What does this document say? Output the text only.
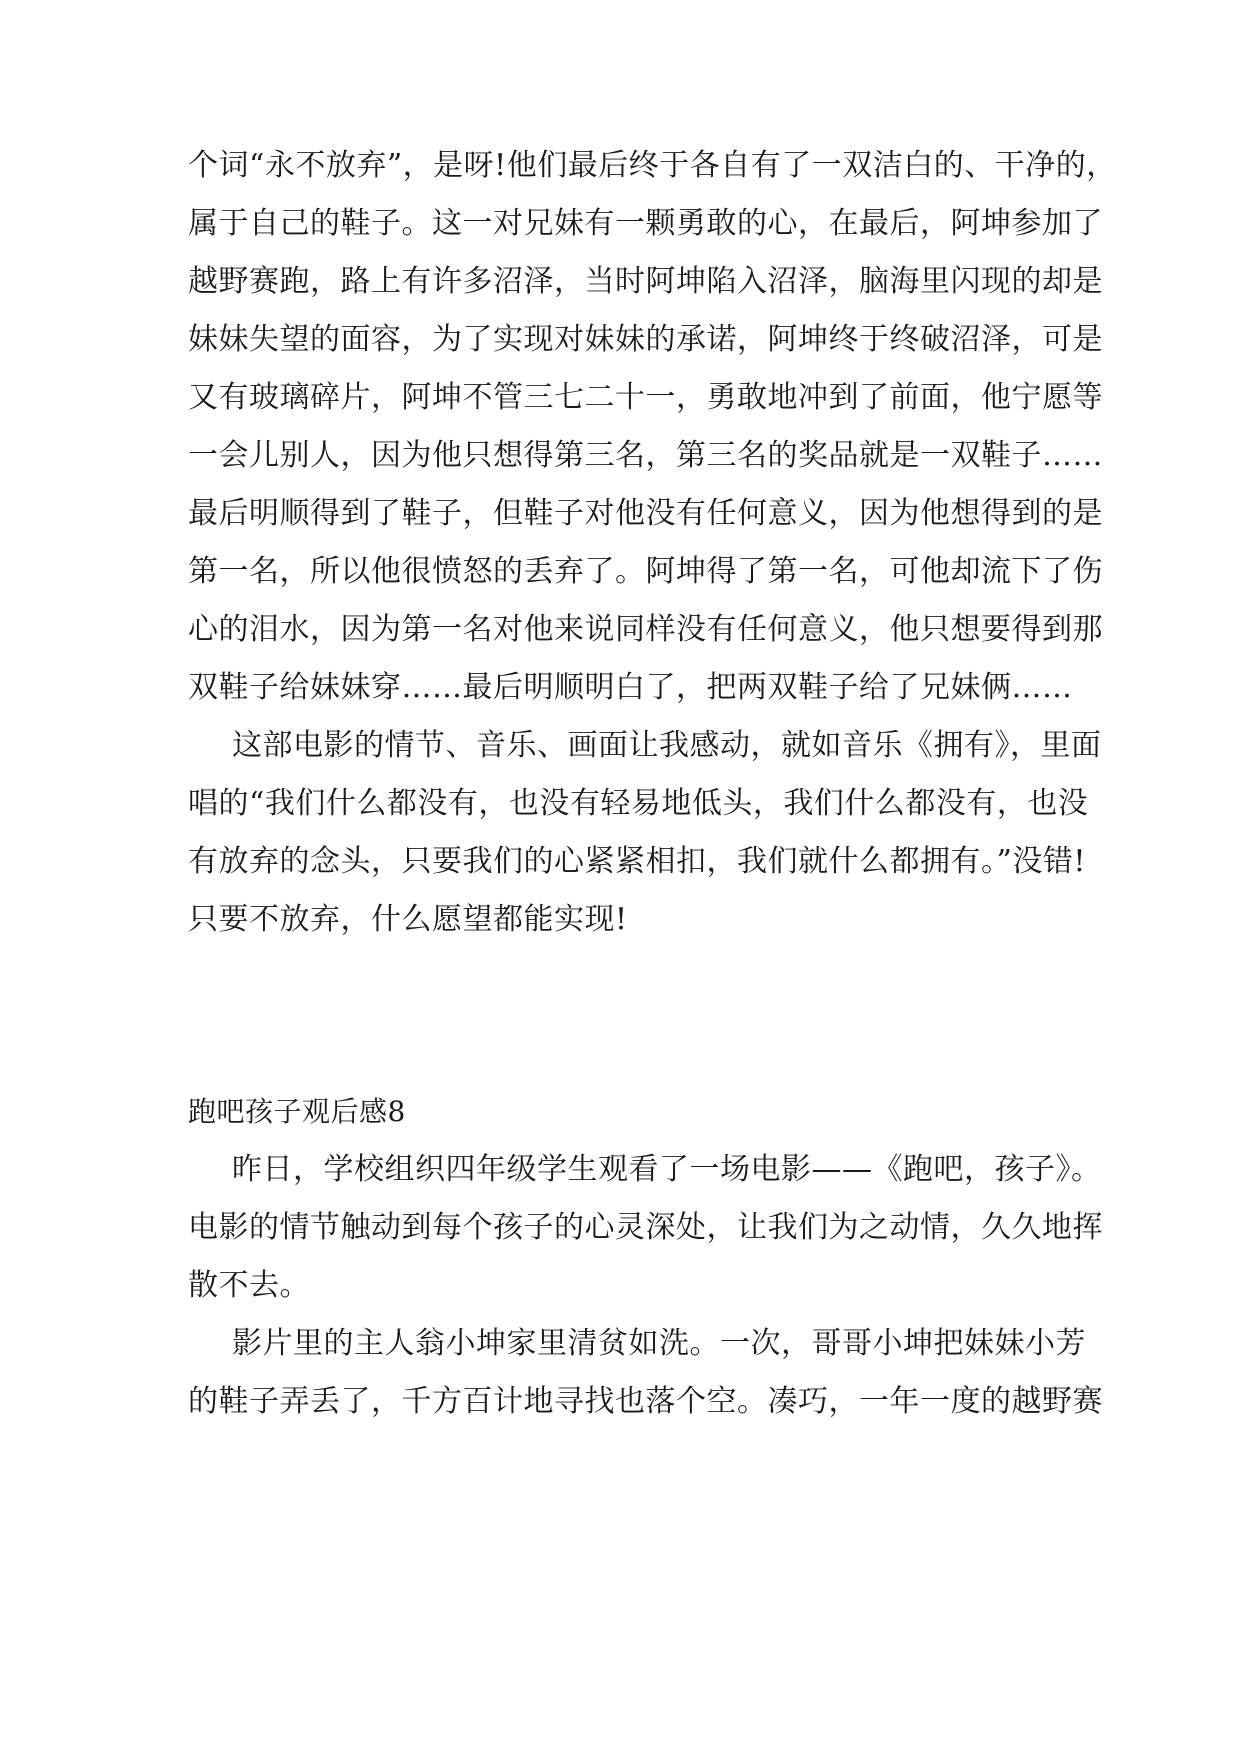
个词“永不放弃”，是呀!他们最后终于各自有了一双洁白的、干净的，
属于自己的鞋子。这一对兄妹有一颗勇敢的心，在最后，阿坤参加了
越野赛跑，路上有许多沼泽，当时阿坤陷入沼泽，脑海里闪现的却是
妹妹失望的面容，为了实现对妹妹的承诺，阿坤终于终破沼泽，可是
又有玻璃碎片，阿坤不管三七二十一，勇敢地冲到了前面，他宁愿等
一会儿别人，因为他只想得第三名，第三名的奖品就是一双鞋子……
最后明顺得到了鞋子，但鞋子对他没有任何意义，因为他想得到的是
第一名，所以他很愤怒的丢弃了。阿坤得了第一名，可他却流下了伤
心的泪水，因为第一名对他来说同样没有任何意义，他只想要得到那
双鞋子给妹妹穿……最后明顺明白了，把两双鞋子给了兄妹俩……
这部电影的情节、音乐、画面让我感动，就如音乐《拥有》，里面
唱的“我们什么都没有，也没有轻易地低头，我们什么都没有，也没
有放弃的念头，只要我们的心紧紧相扣，我们就什么都拥有。”没错!
只要不放弃，什么愿望都能实现!
跑吧孩子观后感8
昨日，学校组织四年级学生观看了一场电影——《跑吧，孩子》。
电影的情节触动到每个孩子的心灵深处，让我们为之动情，久久地挥
散不去。
影片里的主人翁小坤家里清贫如洗。一次，哥哥小坤把妹妹小芳
的鞋子弄丢了，千方百计地寻找也落个空。凑巧，一年一度的越野赛
